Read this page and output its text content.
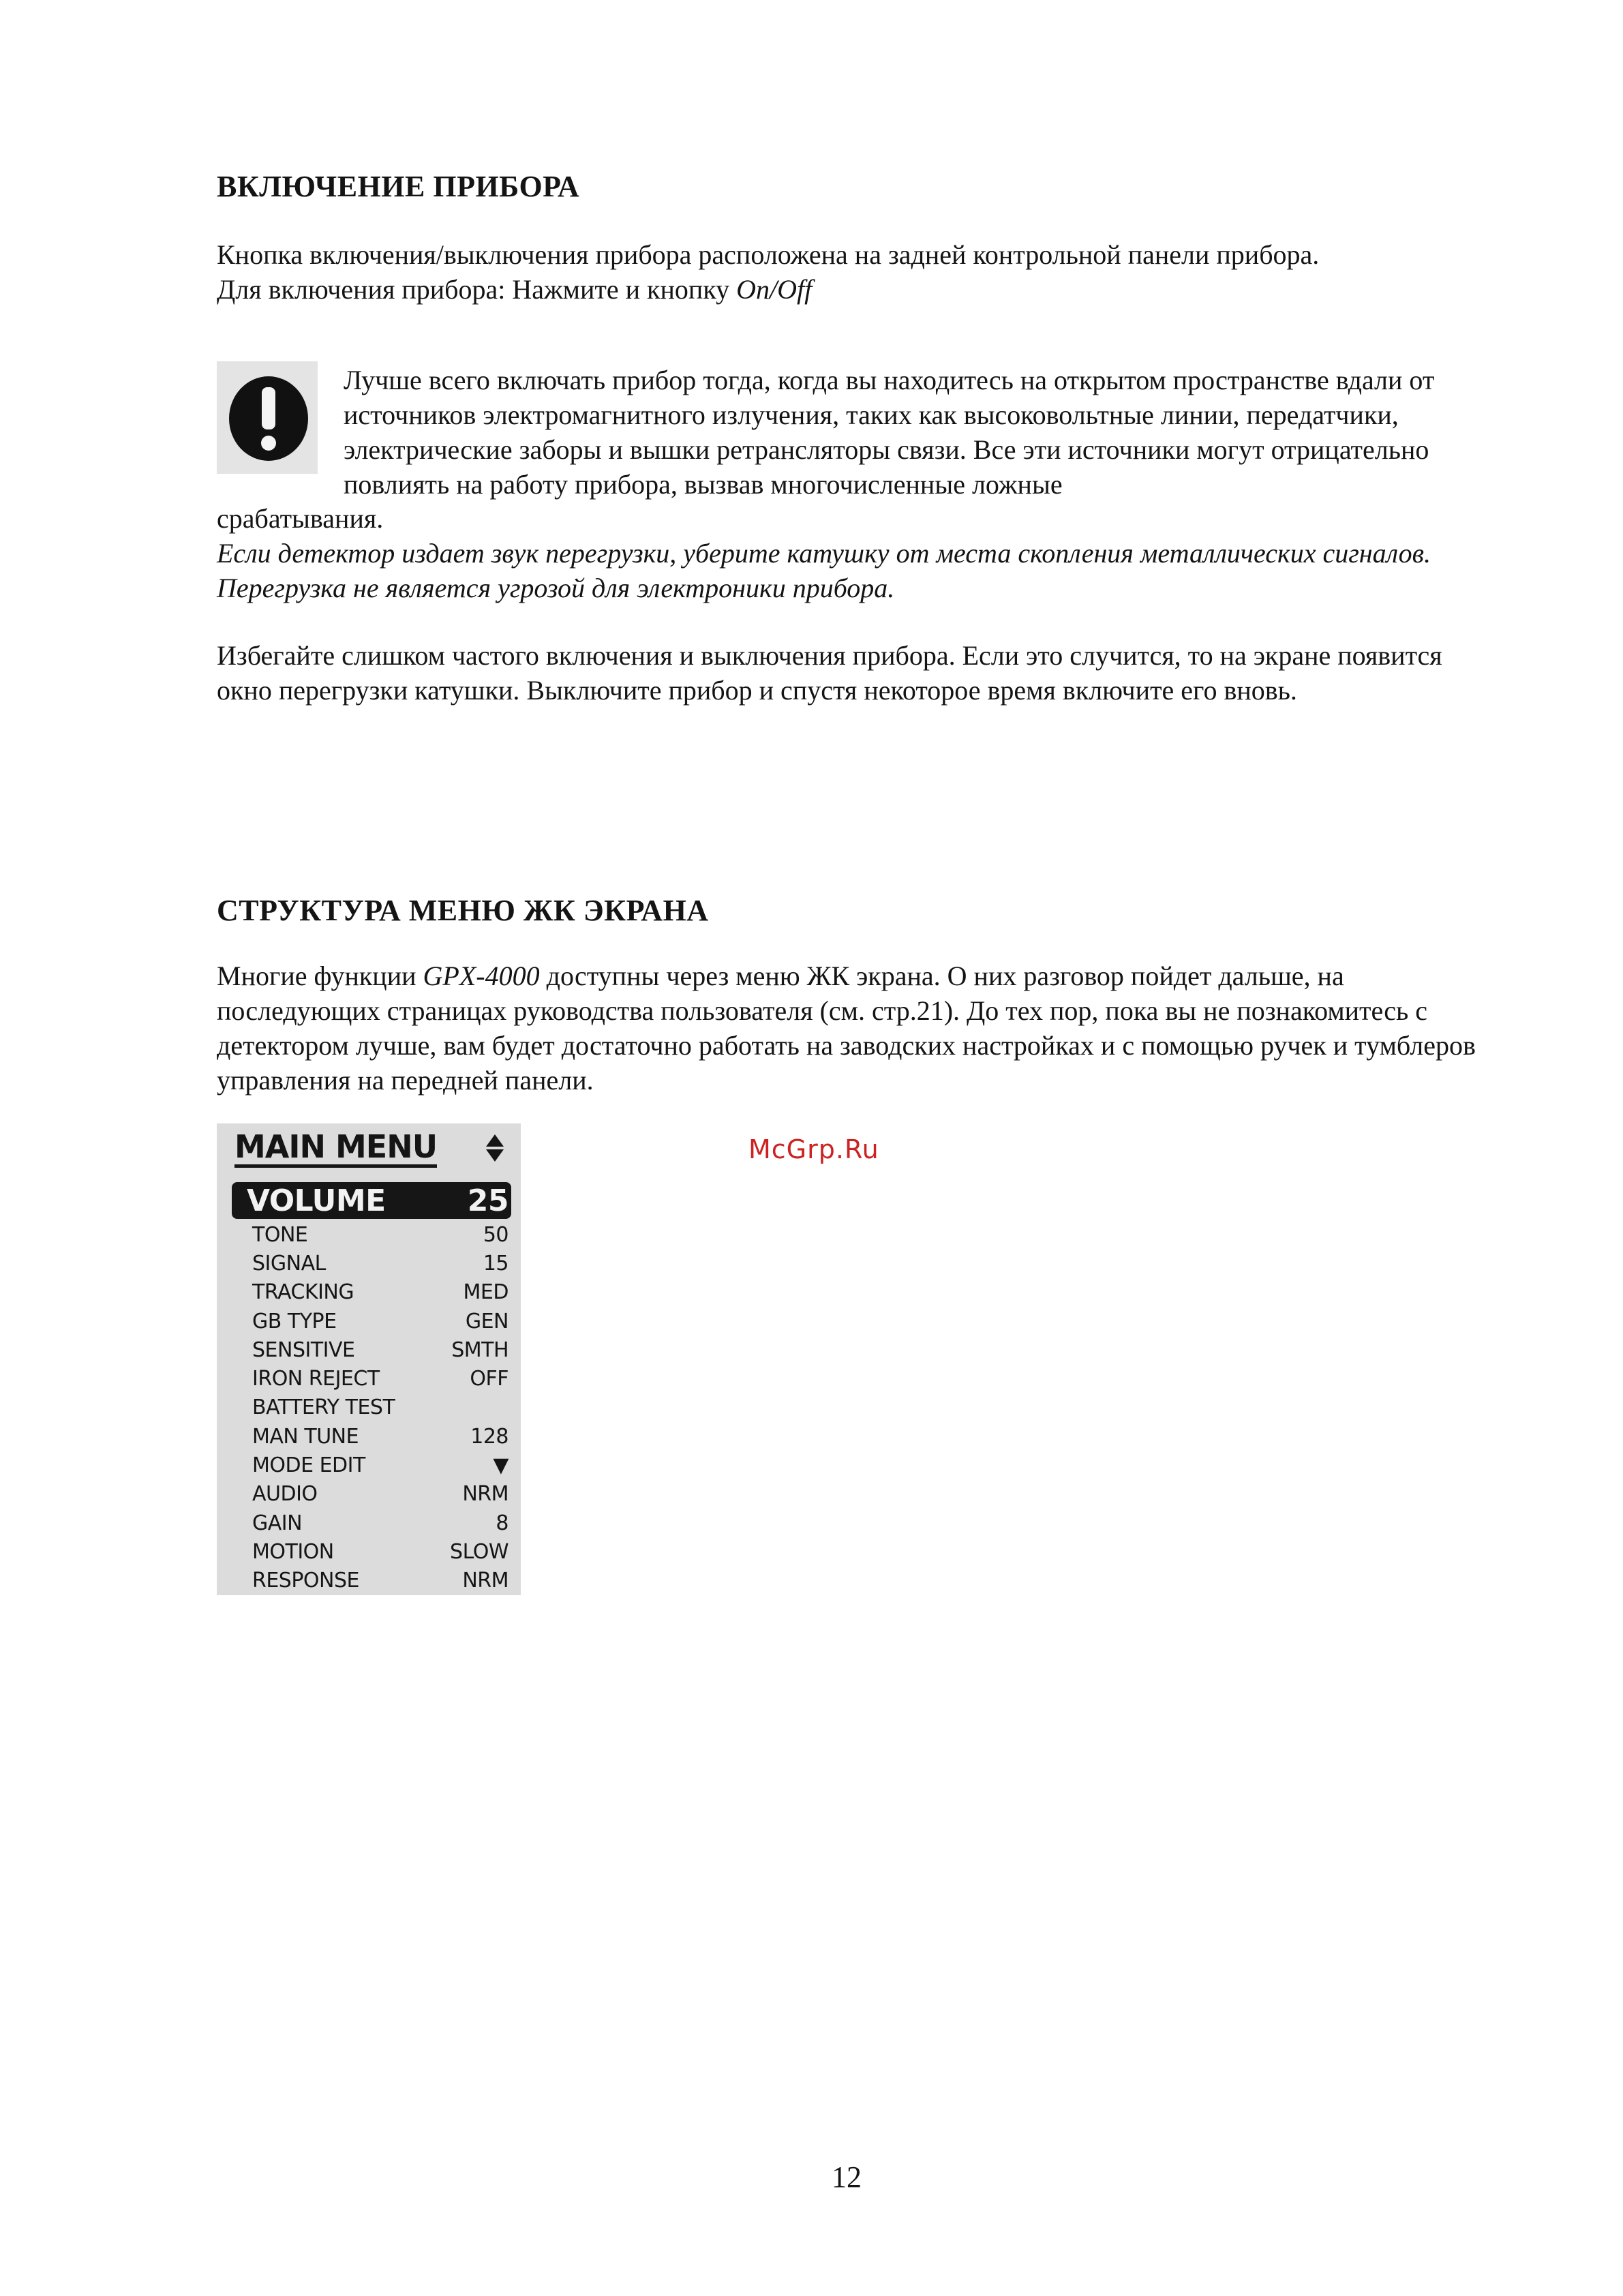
ВКЛЮЧЕНИЕ ПРИБОРА

Кнопка включения/выключения прибора расположена на задней контрольной панели прибора.
Для включения прибора: Нажмите и кнопку On/Off

Лучше всего включать прибор тогда, когда вы находитесь на открытом пространстве вдали от источников электромагнитного излучения, таких как высоковольтные линии, передатчики, электрические заборы и вышки ретрансляторы связи. Все эти источники могут отрицательно повлиять на работу прибора, вызвав многочисленные ложные

срабатывания.

Если детектор издает звук перегрузки, уберите катушку от места скопления металлических сигналов. Перегрузка не является угрозой для электроники прибора.

Избегайте слишком частого включения и выключения прибора. Если это случится, то на экране появится окно перегрузки катушки. Выключите прибор и спустя некоторое время включите его вновь.

СТРУКТУРА МЕНЮ ЖК ЭКРАНА

Многие функции GPX-4000 доступны через меню ЖК экрана. О них разговор пойдет дальше, на последующих страницах руководства пользователя (см. стр.21). До тех пор, пока вы не познакомитесь с детектором лучше, вам будет достаточно работать на заводских настройках и с помощью ручек и тумблеров управления на передней панели.

MAIN MENU
VOLUME	25
TONE	50
SIGNAL	15
TRACKING	MED
GB TYPE	GEN
SENSITIVE	SMTH
IRON REJECT	OFF
BATTERY TEST
MAN TUNE	128
MODE EDIT	▼
AUDIO	NRM
GAIN	8
MOTION	SLOW
RESPONSE	NRM

McGrp.Ru

12
